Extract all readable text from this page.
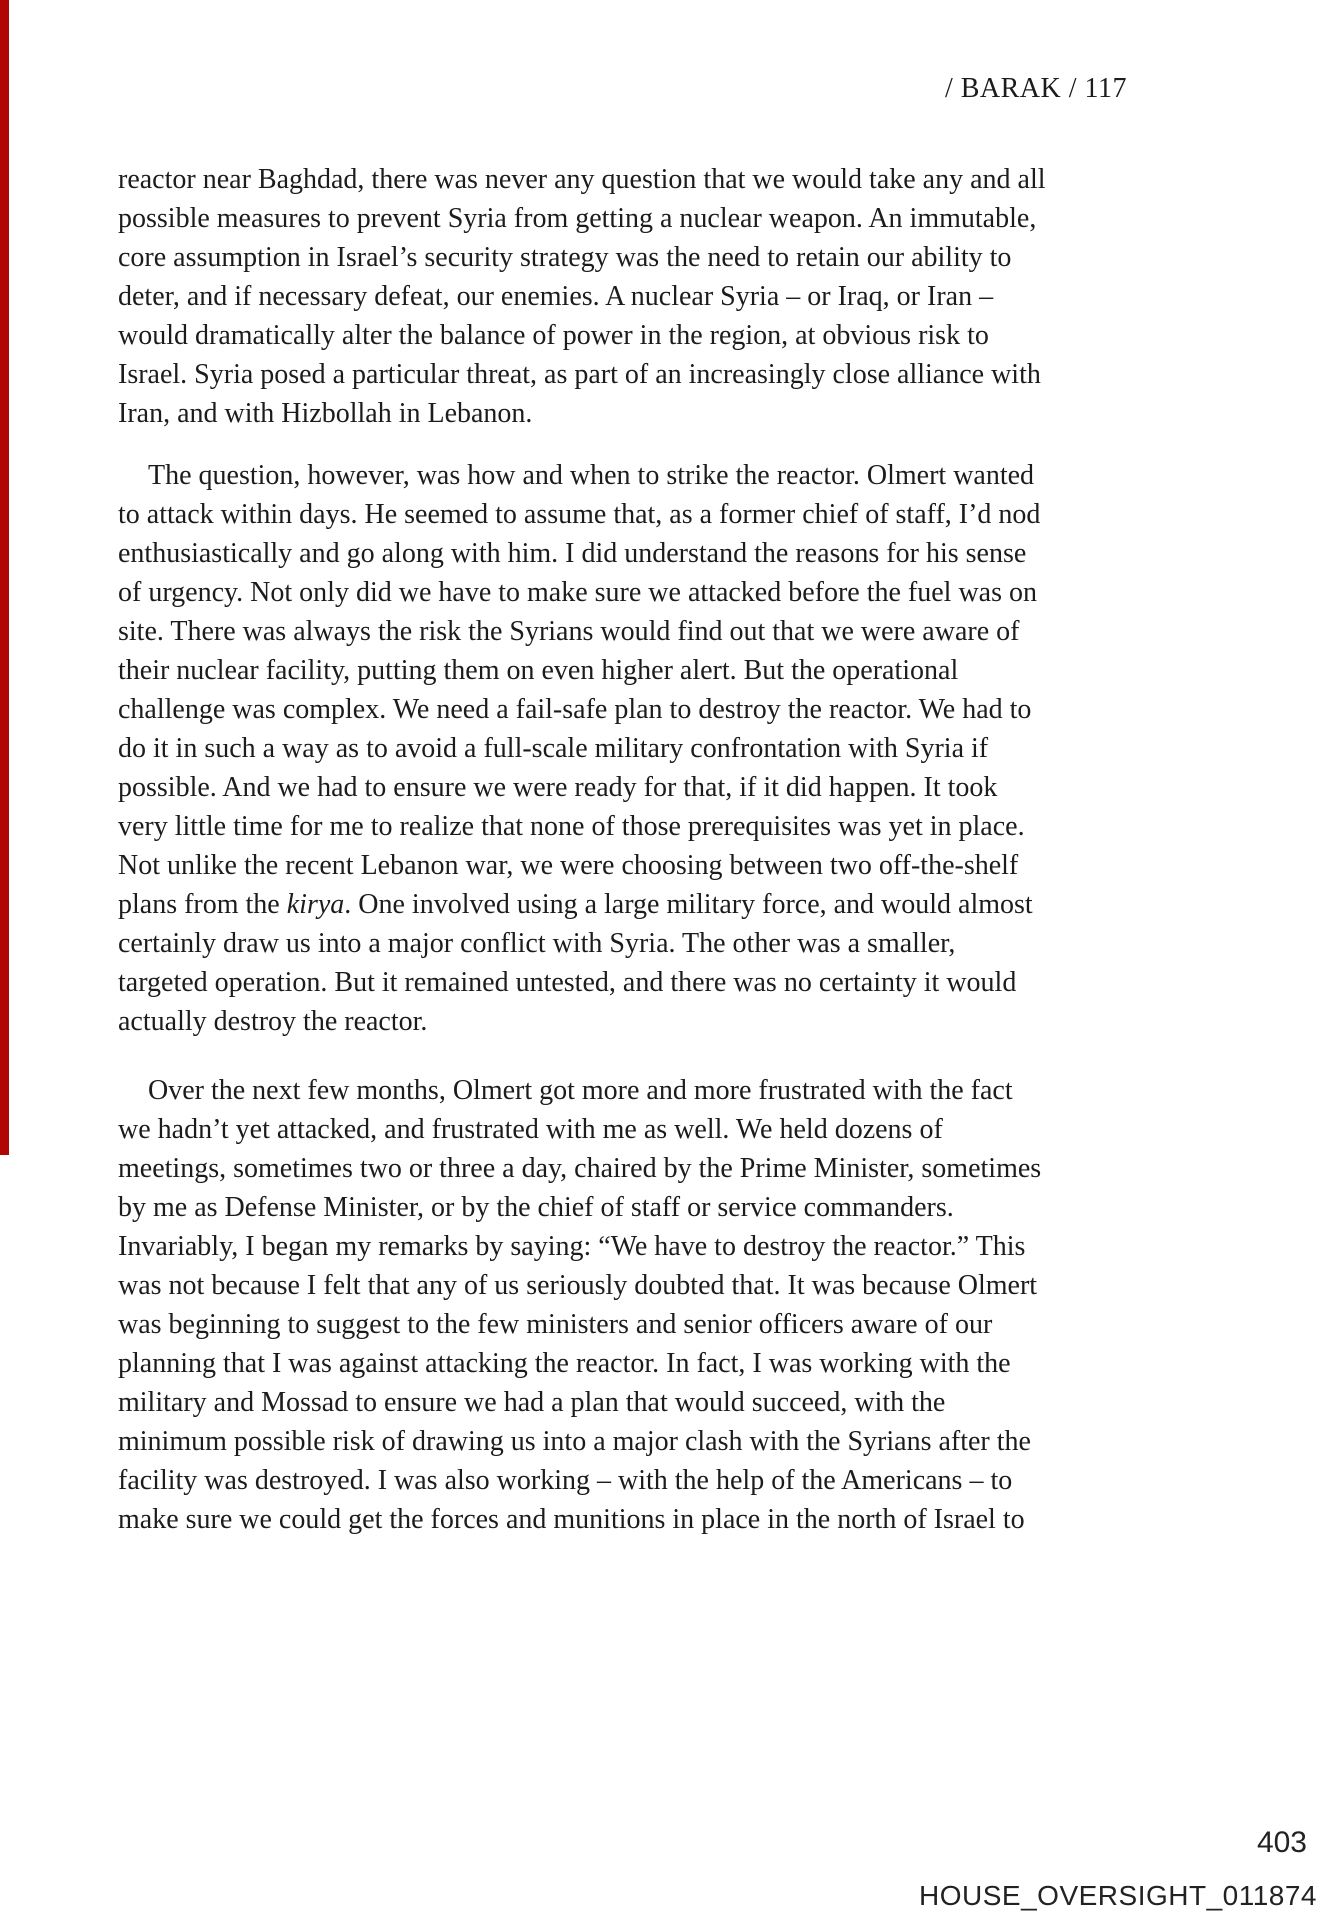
/ BARAK / 117
reactor near Baghdad, there was never any question that we would take any and all
possible measures to prevent Syria from getting a nuclear weapon. An immutable,
core assumption in Israel’s security strategy was the need to retain our ability to
deter, and if necessary defeat, our enemies. A nuclear Syria – or Iraq, or Iran –
would dramatically alter the balance of power in the region, at obvious risk to
Israel. Syria posed a particular threat, as part of an increasingly close alliance with
Iran, and with Hizbollah in Lebanon.
The question, however, was how and when to strike the reactor. Olmert wanted
to attack within days. He seemed to assume that, as a former chief of staff, I’d nod
enthusiastically and go along with him. I did understand the reasons for his sense
of urgency. Not only did we have to make sure we attacked before the fuel was on
site. There was always the risk the Syrians would find out that we were aware of
their nuclear facility, putting them on even higher alert. But the operational
challenge was complex. We need a fail-safe plan to destroy the reactor. We had to
do it in such a way as to avoid a full-scale military confrontation with Syria if
possible. And we had to ensure we were ready for that, if it did happen. It took
very little time for me to realize that none of those prerequisites was yet in place.
Not unlike the recent Lebanon war, we were choosing between two off-the-shelf
plans from the kirya. One involved using a large military force, and would almost
certainly draw us into a major conflict with Syria. The other was a smaller,
targeted operation. But it remained untested, and there was no certainty it would
actually destroy the reactor.
Over the next few months, Olmert got more and more frustrated with the fact
we hadn’t yet attacked, and frustrated with me as well. We held dozens of
meetings, sometimes two or three a day, chaired by the Prime Minister, sometimes
by me as Defense Minister, or by the chief of staff or service commanders.
Invariably, I began my remarks by saying: “We have to destroy the reactor.” This
was not because I felt that any of us seriously doubted that. It was because Olmert
was beginning to suggest to the few ministers and senior officers aware of our
planning that I was against attacking the reactor. In fact, I was working with the
military and Mossad to ensure we had a plan that would succeed, with the
minimum possible risk of drawing us into a major clash with the Syrians after the
facility was destroyed. I was also working – with the help of the Americans – to
make sure we could get the forces and munitions in place in the north of Israel to
403
HOUSE_OVERSIGHT_011874
